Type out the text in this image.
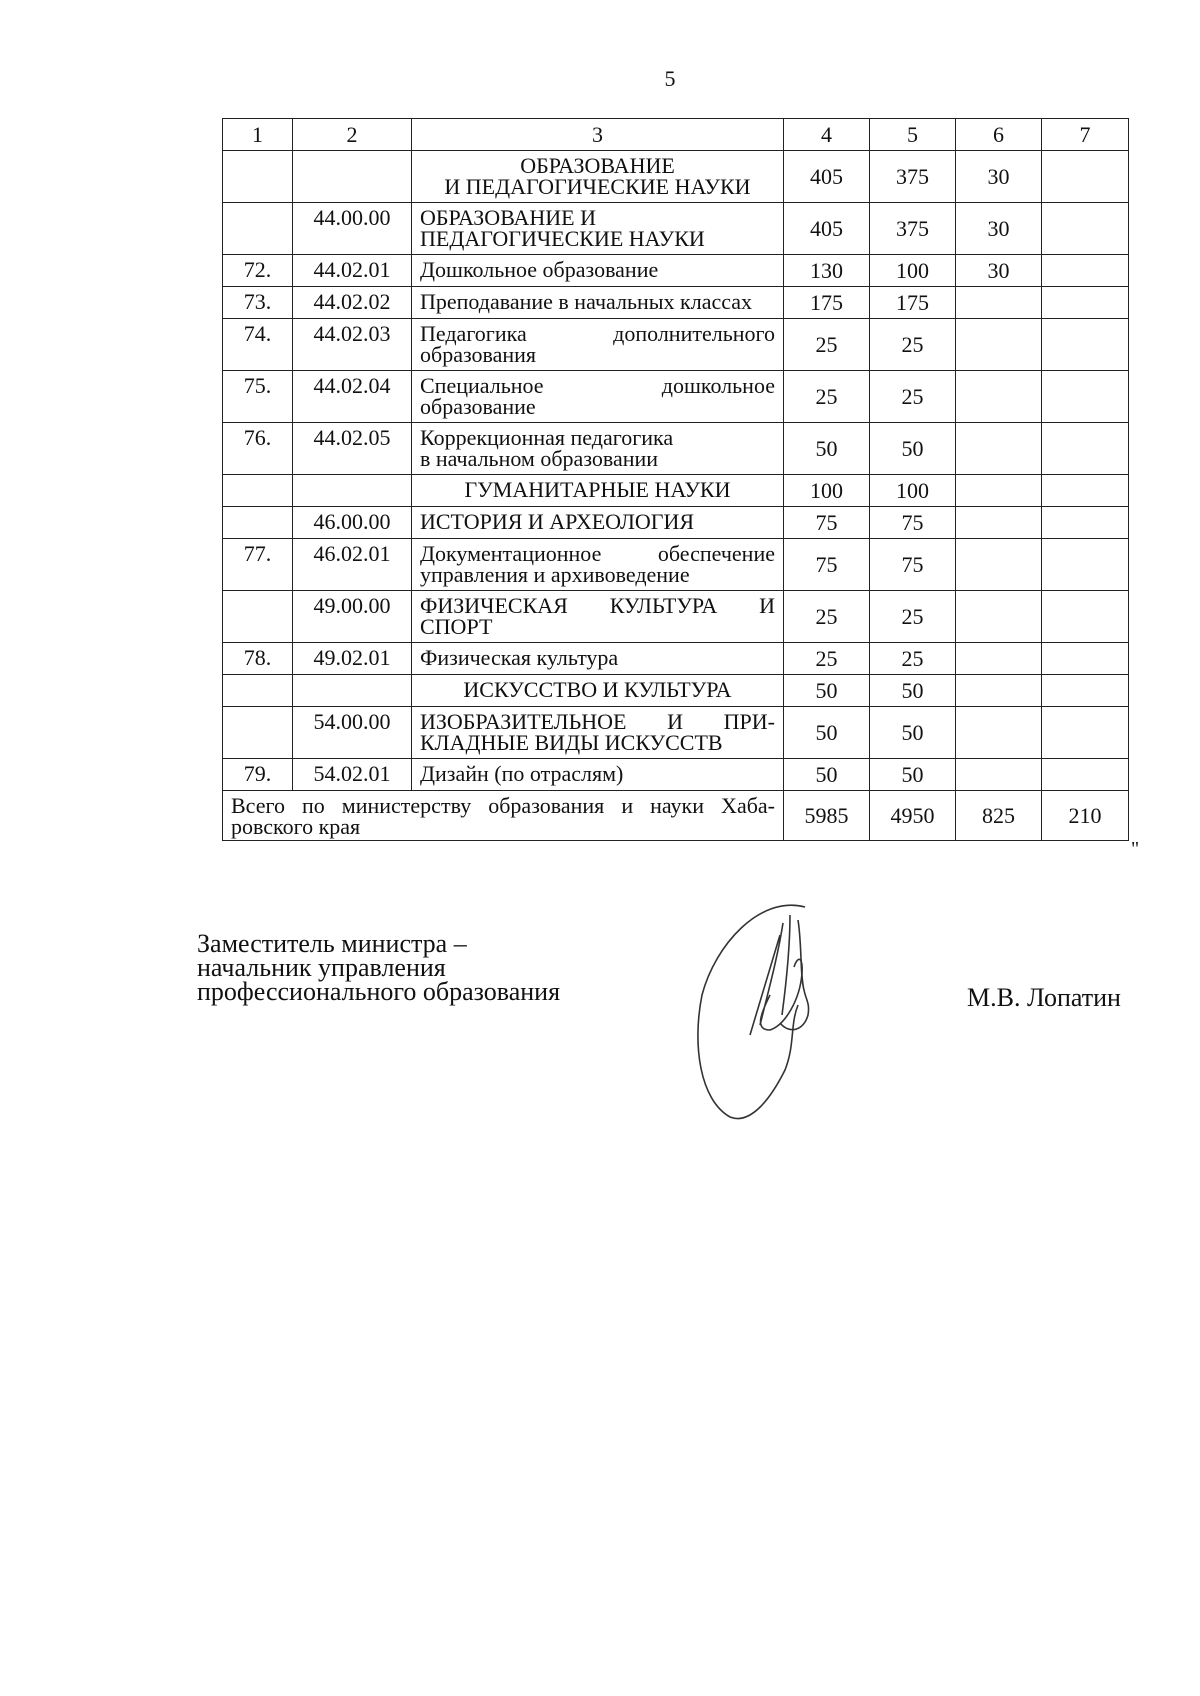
5
1	2	3	4	5	6	7
		ОБРАЗОВАНИЕ
И ПЕДАГОГИЧЕСКИЕ НАУКИ	405	375	30	
	44.00.00	ОБРАЗОВАНИЕ И
ПЕДАГОГИЧЕСКИЕ НАУКИ	405	375	30	
72.	44.02.01	Дошкольное образование	130	100	30	
73.	44.02.02	Преподавание в начальных классах	175	175		
74.	44.02.03	Педагогика дополнительного образования	25	25		
75.	44.02.04	Специальное дошкольное образование	25	25		
76.	44.02.05	Коррекционная педагогика
в начальном образовании	50	50		
		ГУМАНИТАРНЫЕ НАУКИ	100	100		
	46.00.00	ИСТОРИЯ И АРХЕОЛОГИЯ	75	75		
77.	46.02.01	Документационное обеспечение управления и архивоведение	75	75		
	49.00.00	ФИЗИЧЕСКАЯ КУЛЬТУРА И СПОРТ	25	25		
78.	49.02.01	Физическая культура	25	25		
		ИСКУССТВО И КУЛЬТУРА	50	50		
	54.00.00	ИЗОБРАЗИТЕЛЬНОЕ И ПРИ-КЛАДНЫЕ ВИДЫ ИСКУССТВ	50	50		
79.	54.02.01	Дизайн (по отраслям)	50	50		
Всего по министерству образования и науки Хаба-ровского края			5985	4950	825	210
"
Заместитель министра –
начальник управления
профессионального образования	М.В. Лопатин
